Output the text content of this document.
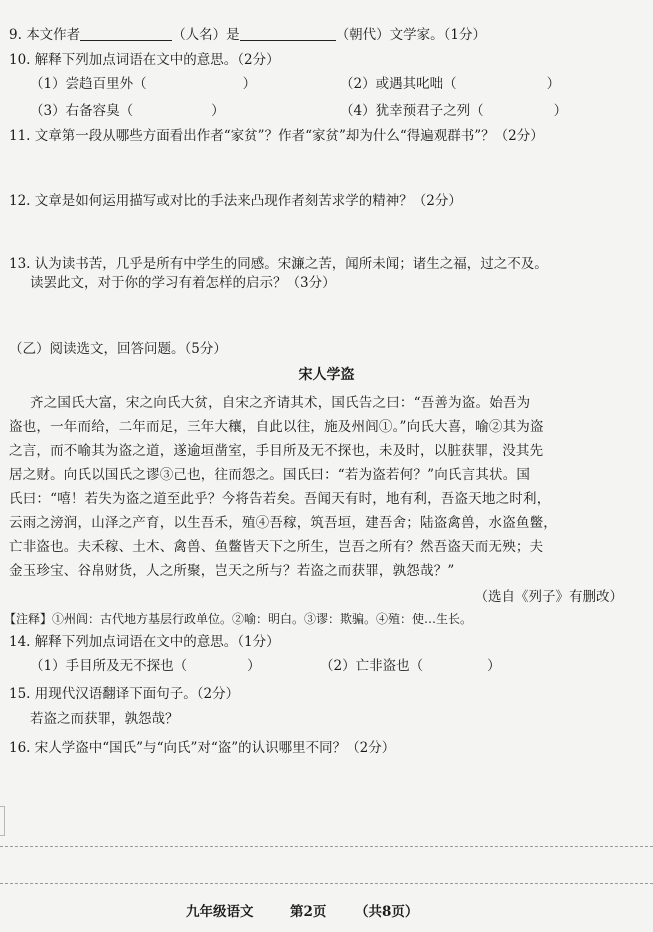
9. 本文作者	（人名）是	（朝代）文学家。（1分）
10. 解释下列加点词语在文中的意思。（2分）
（1）尝趋百里外（	）	（2）或遇其叱咄（	）
（3）右备容臭（	）	（4）犹幸预君子之列（	）
11. 文章第一段从哪些方面看出作者“家贫”？作者“家贫”却为什么“得遍观群书”？（2分）
12. 文章是如何运用描写或对比的手法来凸现作者刻苦求学的精神？（2分）
13. 认为读书苦，几乎是所有中学生的同感。宋濂之苦，闻所未闻；诸生之福，过之不及。
读罢此文，对于你的学习有着怎样的启示？（3分）
（乙）阅读选文，回答问题。（5分）
宋人学盗
齐之国氏大富，宋之向氏大贫，自宋之齐请其术，国氏告之曰：“吾善为盗。始吾为
盗也，一年而给，二年而足，三年大穰，自此以往，施及州闾①。”向氏大喜，喻②其为盗
之言，而不喻其为盗之道，遂逾垣凿室，手目所及无不探也，未及时，以脏获罪，没其先
居之财。向氏以国氏之谬③己也，往而怨之。国氏曰：“若为盗若何？”向氏言其状。国
氏曰：“嘻！若失为盗之道至此乎？今将告若矣。吾闻天有时，地有利，吾盗天地之时利，
云雨之滂润，山泽之产育，以生吾禾，殖④吾稼，筑吾垣，建吾舍；陆盗禽兽，水盗鱼鳖，
亡非盗也。夫禾稼、土木、禽兽、鱼鳖皆天下之所生，岂吾之所有？然吾盗天而无殃；夫
金玉珍宝、谷帛财货，人之所聚，岂天之所与？若盗之而获罪，孰怨哉？”
（选自《列子》有删改）
【注释】①州闾：古代地方基层行政单位。②喻：明白。③谬：欺骗。④殖：使…生长。
14. 解释下列加点词语在文中的意思。（1分）
（1）手目所及无不探也（	）	（2）亡非盗也（	）
15. 用现代汉语翻译下面句子。（2分）
若盗之而获罪，孰怨哉？
16. 宋人学盗中“国氏”与“向氏”对“盗”的认识哪里不同？（2分）
九年级语文	第2页 （共8页）
